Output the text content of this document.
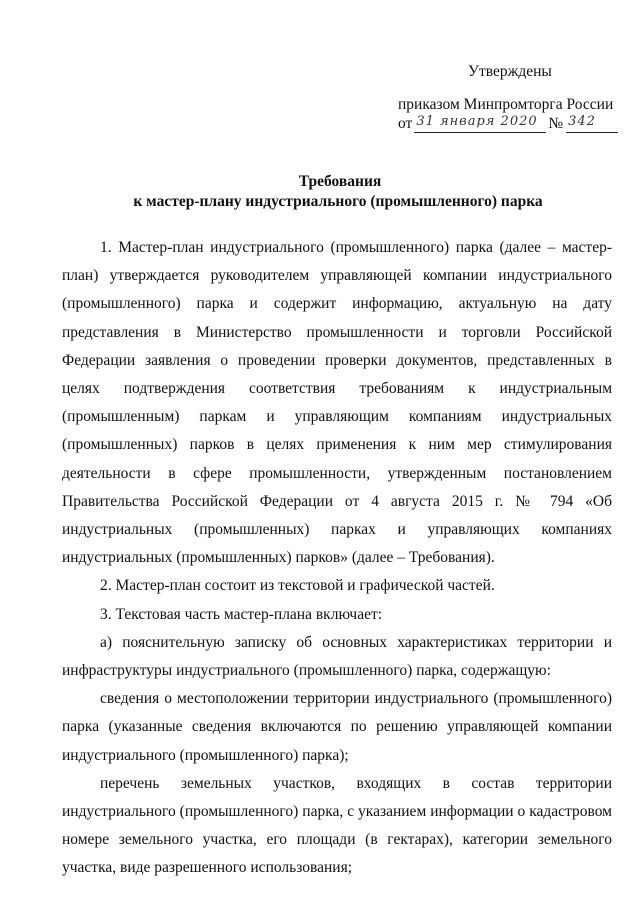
Утверждены
приказом Минпромторга России
от 31 января 2020 № 342
Требования
к мастер-плану индустриального (промышленного) парка

1. Мастер-план индустриального (промышленного) парка (далее – мастер-план) утверждается руководителем управляющей компании индустриального (промышленного) парка и содержит информацию, актуальную на дату представления в Министерство промышленности и торговли Российской Федерации заявления о проведении проверки документов, представленных в целях подтверждения соответствия требованиям к индустриальным (промышленным) паркам и управляющим компаниям индустриальных (промышленных) парков в целях применения к ним мер стимулирования деятельности в сфере промышленности, утвержденным постановлением Правительства Российской Федерации от 4 августа 2015 г. № 794 «Об индустриальных (промышленных) парках и управляющих компаниях индустриальных (промышленных) парков» (далее – Требования).

2. Мастер-план состоит из текстовой и графической частей.

3. Текстовая часть мастер-плана включает:

а) пояснительную записку об основных характеристиках территории и инфраструктуры индустриального (промышленного) парка, содержащую:

сведения о местоположении территории индустриального (промышленного) парка (указанные сведения включаются по решению управляющей компании индустриального (промышленного) парка);

перечень земельных участков, входящих в состав территории индустриального (промышленного) парка, с указанием информации о кадастровом номере земельного участка, его площади (в гектарах), категории земельного участка, виде разрешенного использования;
